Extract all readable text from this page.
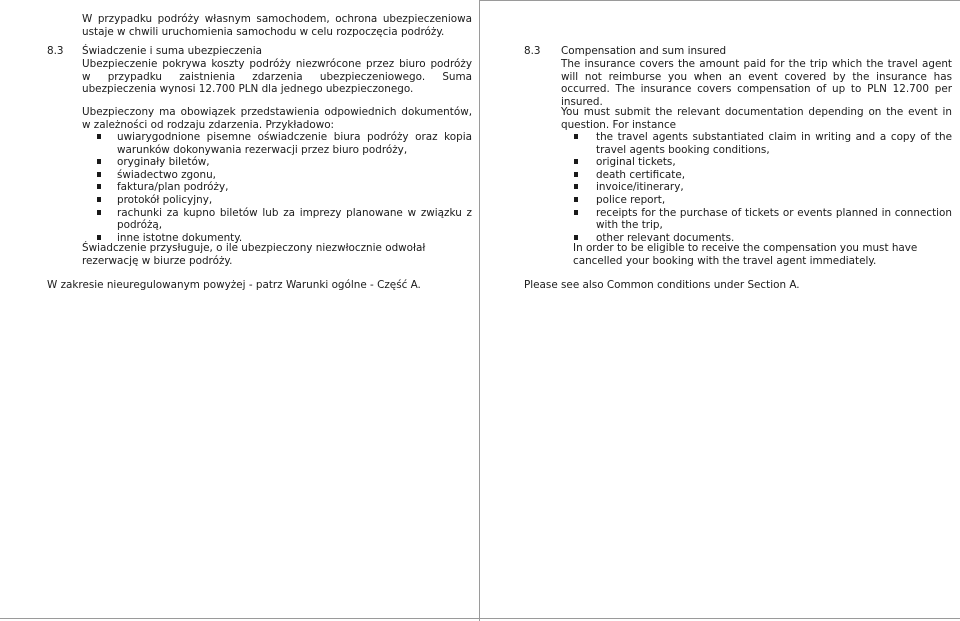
W przypadku podróży własnym samochodem, ochrona ubezpieczeniowa ustaje w chwili uruchomienia samochodu w celu rozpoczęcia podróży.
8.3 Świadczenie i suma ubezpieczenia
Ubezpieczenie pokrywa koszty podróży niezwrócone przez biuro podróży w przypadku zaistnienia zdarzenia ubezpieczeniowego. Suma ubezpieczenia wynosi 12.700 PLN dla jednego ubezpieczonego.
Ubezpieczony ma obowiązek przedstawienia odpowiednich dokumentów, w zależności od rodzaju zdarzenia. Przykładowo:
uwiarygodnione pisemne oświadczenie biura podróży oraz kopia warunków dokonywania rezerwacji przez biuro podróży,
oryginały biletów,
świadectwo zgonu,
faktura/plan podróży,
protokół policyjny,
rachunki za kupno biletów lub za imprezy planowane w związku z podróżą,
inne istotne dokumenty.
Świadczenie przysługuje, o ile ubezpieczony niezwłocznie odwołał rezerwację w biurze podróży.
W zakresie nieuregulowanym powyżej - patrz Warunki ogólne - Część A.
8.3 Compensation and sum insured
The insurance covers the amount paid for the trip which the travel agent will not reimburse you when an event covered by the insurance has occurred. The insurance covers compensation of up to PLN 12.700 per insured.
You must submit the relevant documentation depending on the event in question. For instance
the travel agents substantiated claim in writing and a copy of the travel agents booking conditions,
original tickets,
death certificate,
invoice/itinerary,
police report,
receipts for the purchase of tickets or events planned in connection with the trip,
other relevant documents.
In order to be eligible to receive the compensation you must have cancelled your booking with the travel agent immediately.
Please see also Common conditions under Section A.
